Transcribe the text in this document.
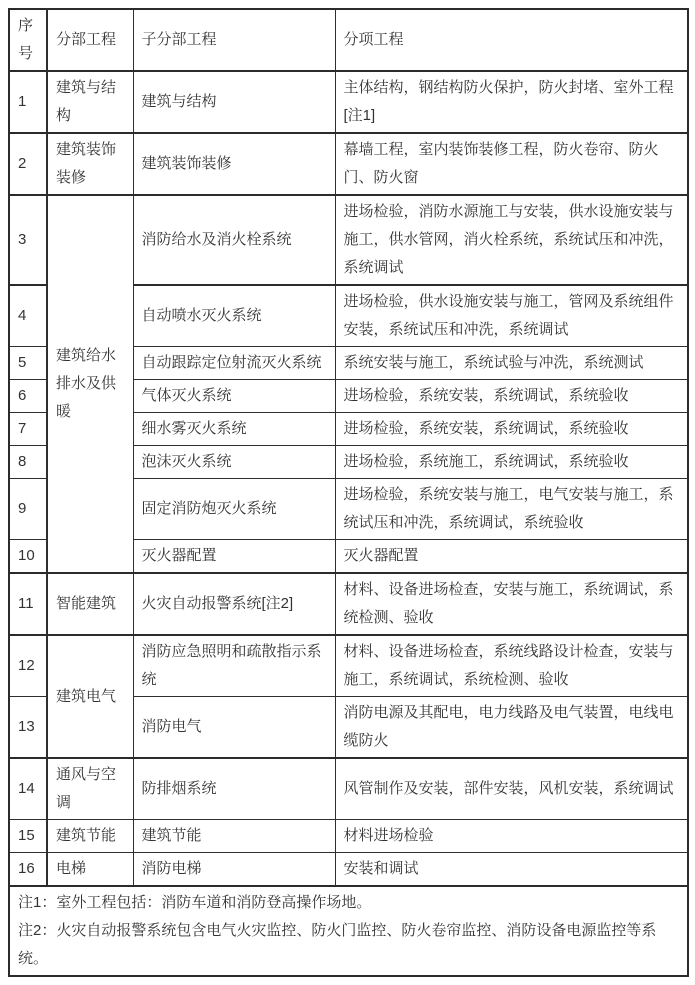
序号	分部工程	子分部工程	分项工程
1	建筑与结构	建筑与结构	主体结构，钢结构防火保护，防火封堵、室外工程[注1]
2	建筑装饰装修	建筑装饰装修	幕墙工程，室内装饰装修工程，防火卷帘、防火门、防火窗
3	建筑给水排水及供暖	消防给水及消火栓系统	进场检验，消防水源施工与安装，供水设施安装与施工，供水管网，消火栓系统，系统试压和冲洗，系统调试
4		自动喷水灭火系统	进场检验，供水设施安装与施工，管网及系统组件安装，系统试压和冲洗，系统调试
5		自动跟踪定位射流灭火系统	系统安装与施工，系统试验与冲洗，系统测试
6		气体灭火系统	进场检验，系统安装，系统调试，系统验收
7		细水雾灭火系统	进场检验，系统安装，系统调试，系统验收
8		泡沫灭火系统	进场检验，系统施工，系统调试，系统验收
9		固定消防炮灭火系统	进场检验，系统安装与施工，电气安装与施工，系统试压和冲洗，系统调试，系统验收
10		灭火器配置	灭火器配置
11	智能建筑	火灾自动报警系统[注2]	材料、设备进场检查，安装与施工，系统调试，系统检测、验收
12	建筑电气	消防应急照明和疏散指示系统	材料、设备进场检查，系统线路设计检查，安装与施工，系统调试，系统检测、验收
13		消防电气	消防电源及其配电，电力线路及电气装置，电线电缆防火
14	通风与空调	防排烟系统	风管制作及安装，部件安装，风机安装，系统调试
15	建筑节能	建筑节能	材料进场检验
16	电梯	消防电梯	安装和调试

注1：室外工程包括：消防车道和消防登高操作场地。

注2：火灾自动报警系统包含电气火灾监控、防火门监控、防火卷帘监控、消防设备电源监控等系统。			
